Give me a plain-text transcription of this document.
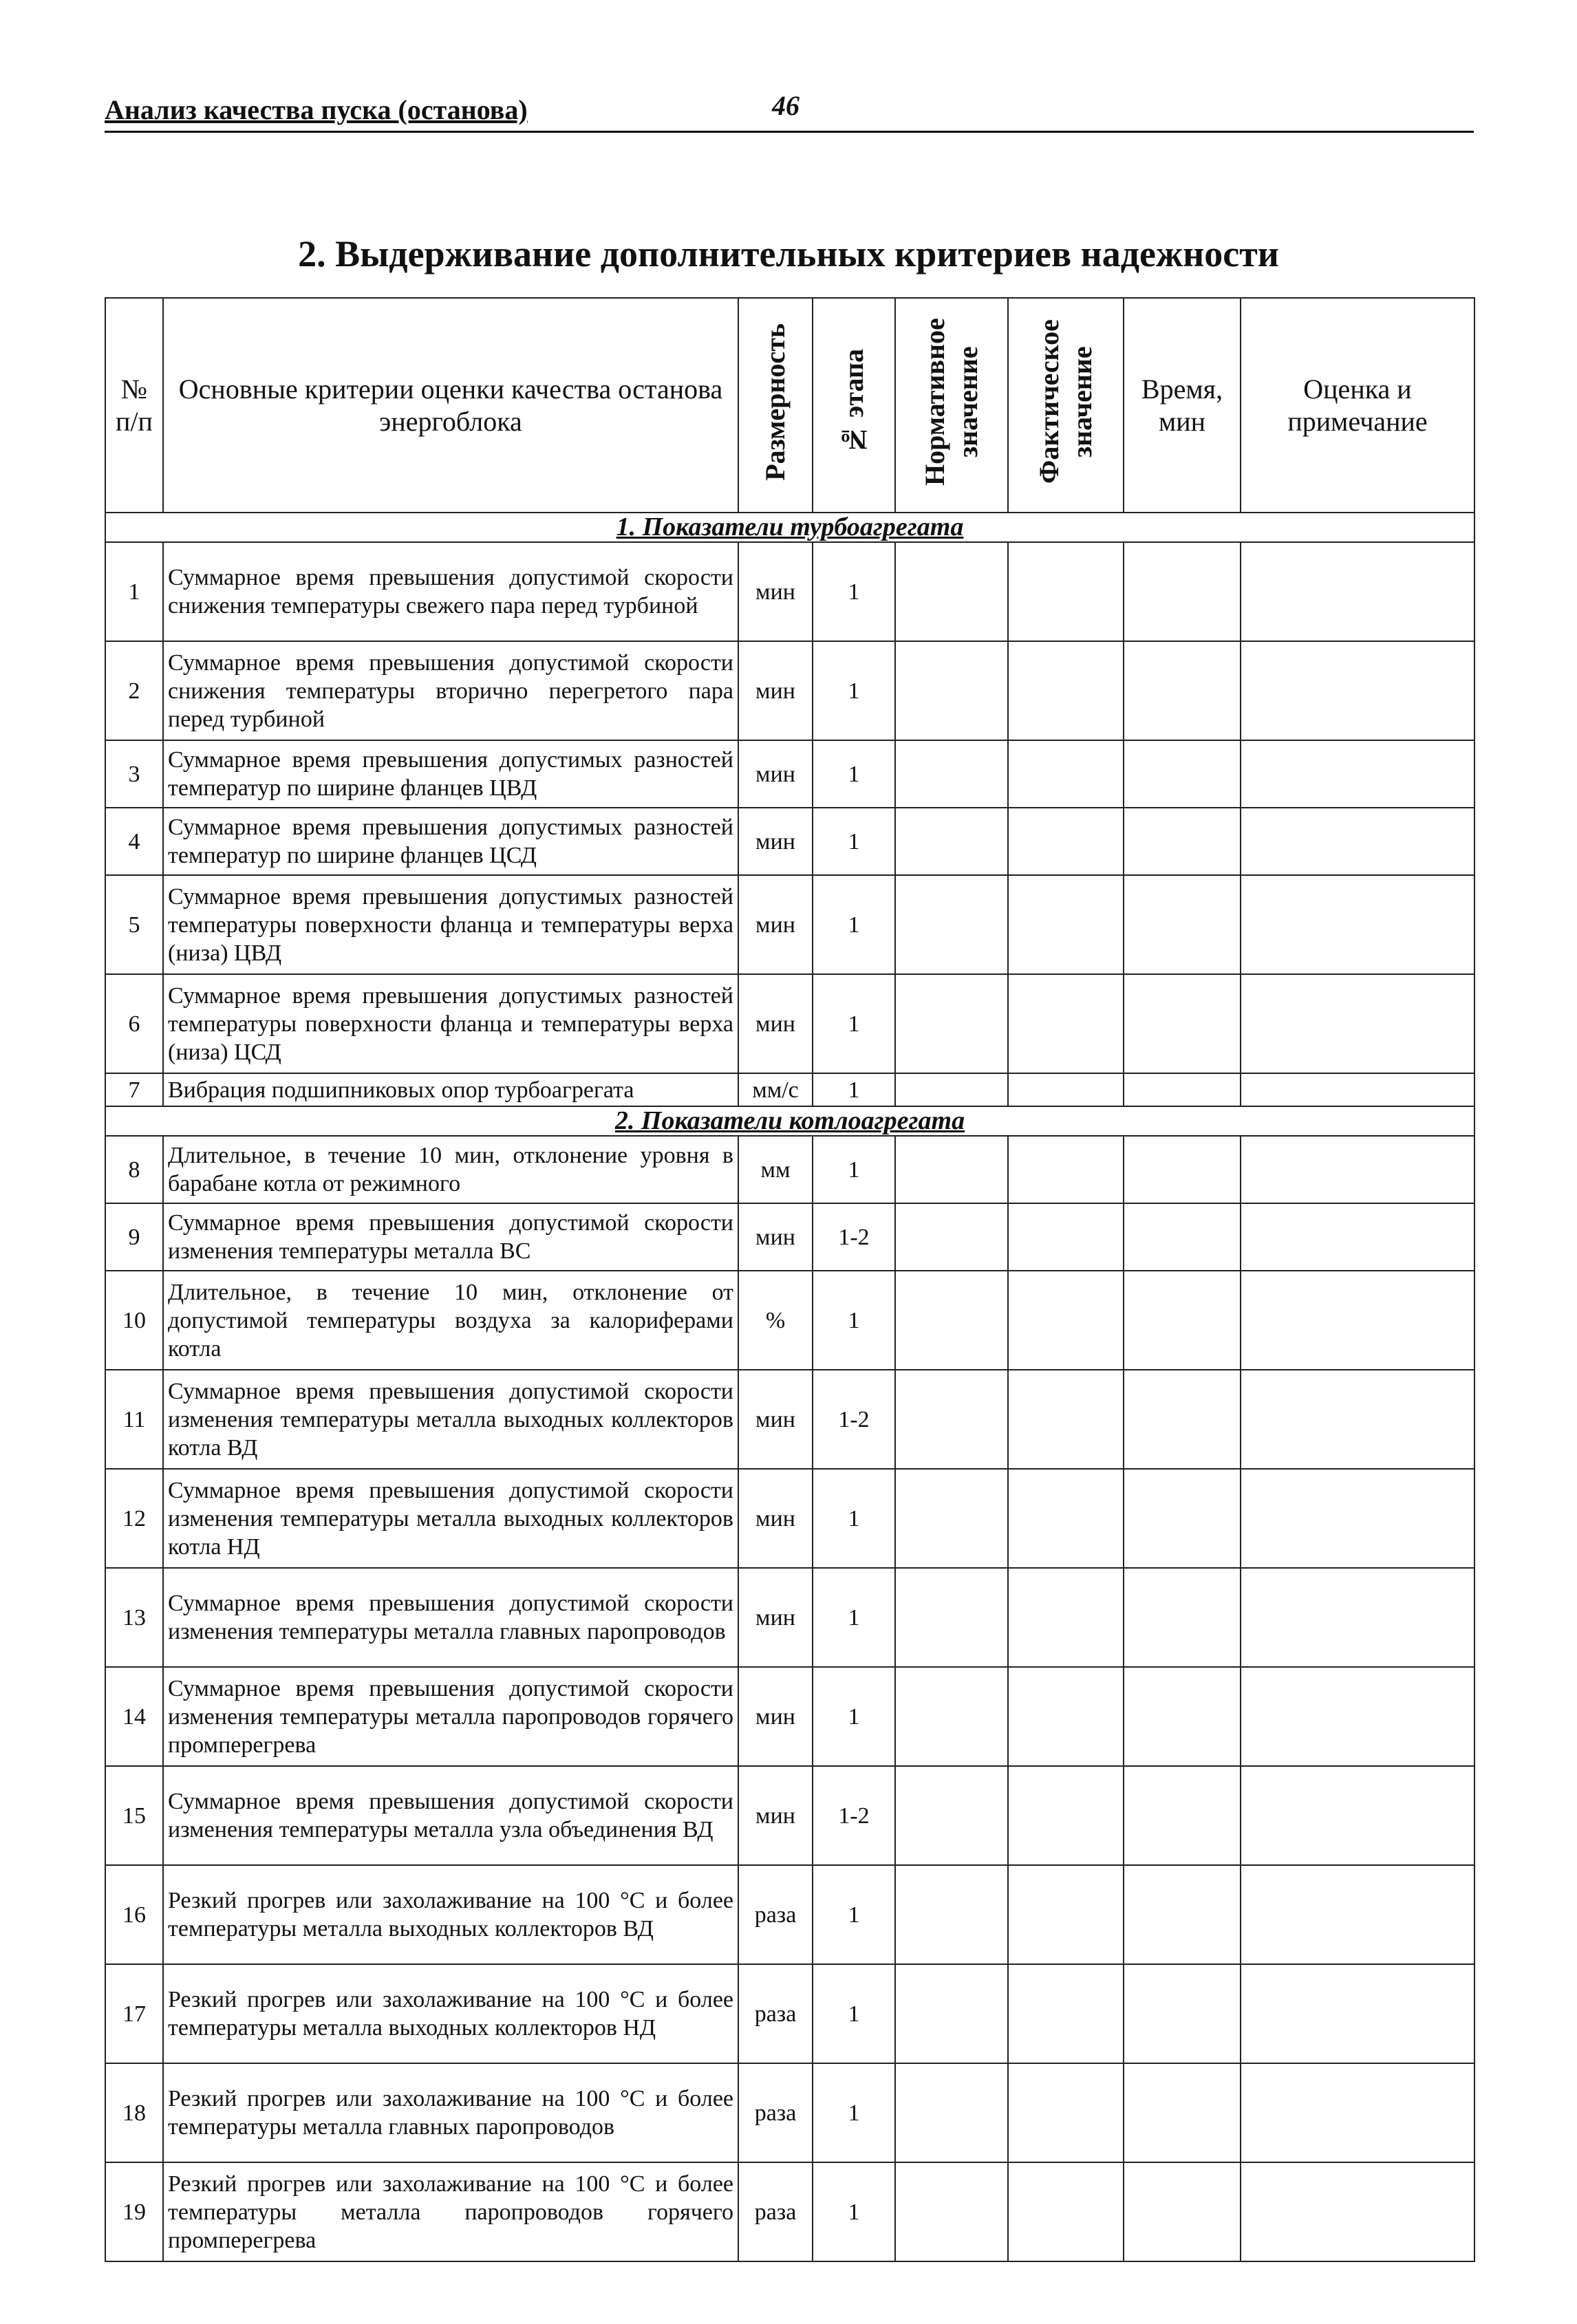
Анализ качества пуска (останова)	46
2. Выдерживание дополнительных критериев надежности
№ п/п	Основные критерии оценки качества останова энергоблока	Размерность	№ этапа	Нормативное значение	Фактическое значение	Время, мин	Оценка и примечание
1. Показатели турбоагрегата							
1	Суммарное время превышения допустимой скорости снижения температуры свежего пара перед турбиной	мин	1				
2	Суммарное время превышения допустимой скорости снижения температуры вторично перегретого пара перед турбиной	мин	1				
3	Суммарное время превышения допустимых разностей температур по ширине фланцев ЦВД	мин	1				
4	Суммарное время превышения допустимых разностей температур по ширине фланцев ЦСД	мин	1				
5	Суммарное время превышения допустимых разностей температуры поверхности фланца и температуры верха (низа) ЦВД	мин	1				
6	Суммарное время превышения допустимых разностей температуры поверхности фланца и температуры верха (низа) ЦСД	мин	1				
7	Вибрация подшипниковых опор турбоагрегата	мм/с	1				
2. Показатели котлоагрегата							
8	Длительное, в течение 10 мин, отклонение уровня в барабане котла от режимного	мм	1				
9	Суммарное время превышения допустимой скорости изменения температуры металла ВС	мин	1-2				
10	Длительное, в течение 10 мин, отклонение от допустимой температуры воздуха за калориферами котла	%	1				
11	Суммарное время превышения допустимой скорости изменения температуры металла выходных коллекторов котла ВД	мин	1-2				
12	Суммарное время превышения допустимой скорости изменения температуры металла выходных коллекторов котла НД	мин	1				
13	Суммарное время превышения допустимой скорости изменения температуры металла главных паропроводов	мин	1				
14	Суммарное время превышения допустимой скорости изменения температуры металла паропроводов горячего промперегрева	мин	1				
15	Суммарное время превышения допустимой скорости изменения температуры металла узла объединения ВД	мин	1-2				
16	Резкий прогрев или захолаживание на 100 °С и более температуры металла выходных коллекторов ВД	раза	1				
17	Резкий прогрев или захолаживание на 100 °С и более температуры металла выходных коллекторов НД	раза	1				
18	Резкий прогрев или захолаживание на 100 °С и более температуры металла главных паропроводов	раза	1				
19	Резкий прогрев или захолаживание на 100 °С и более температуры металла паропроводов горячего промперегрева	раза	1				
